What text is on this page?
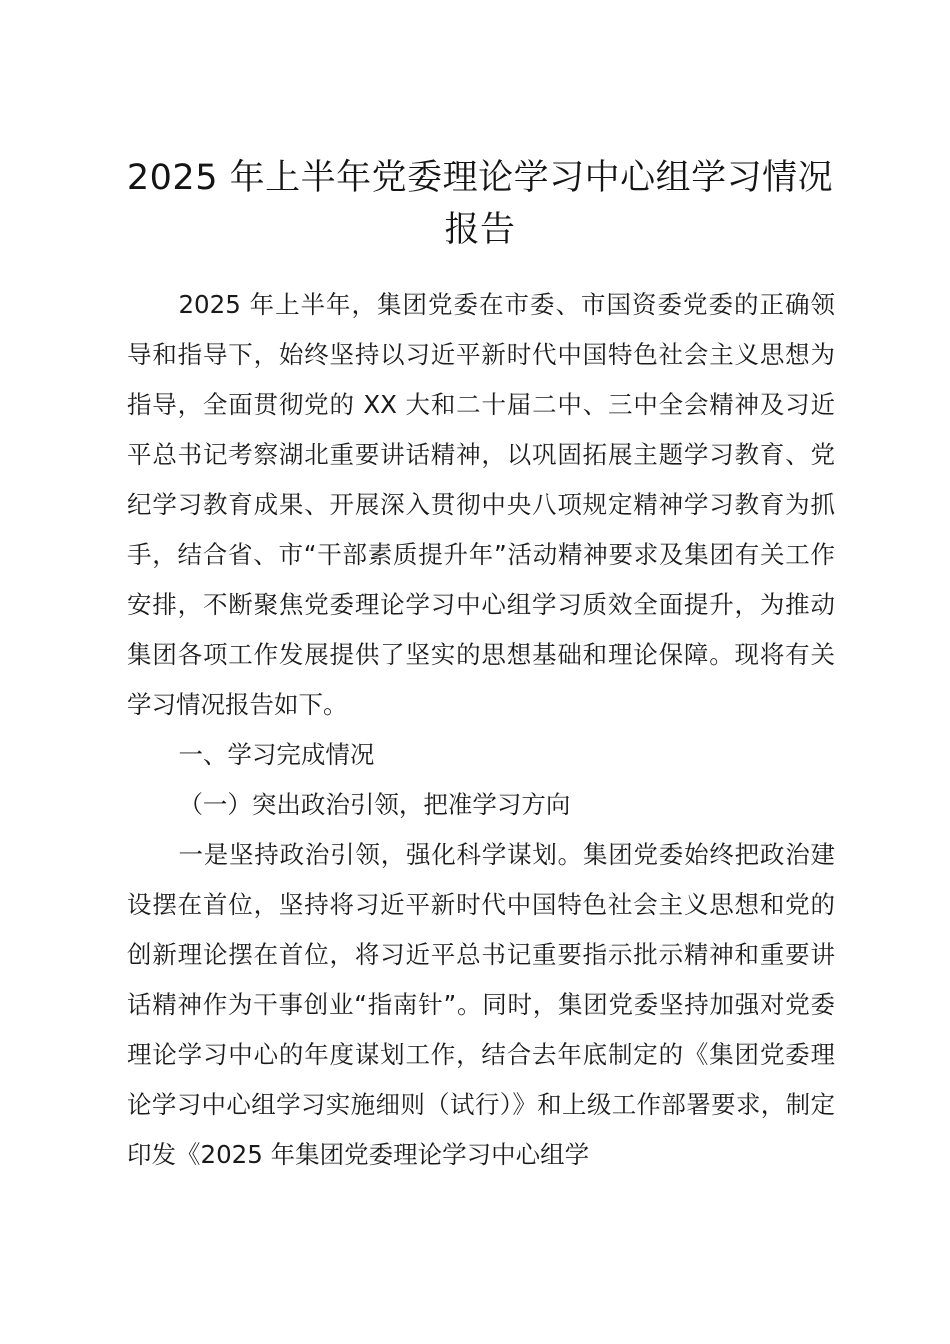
2025 年上半年党委理论学习中心组学习情况报告

2025 年上半年，集团党委在市委、市国资委党委的正确领导和指导下，始终坚持以习近平新时代中国特色社会主义思想为指导，全面贯彻党的 XX 大和二十届二中、三中全会精神及习近平总书记考察湖北重要讲话精神，以巩固拓展主题学习教育、党纪学习教育成果、开展深入贯彻中央八项规定精神学习教育为抓手，结合省、市“干部素质提升年”活动精神要求及集团有关工作安排，不断聚焦党委理论学习中心组学习质效全面提升，为推动集团各项工作发展提供了坚实的思想基础和理论保障。现将有关学习情况报告如下。

一、学习完成情况

（一）突出政治引领，把准学习方向

一是坚持政治引领，强化科学谋划。集团党委始终把政治建设摆在首位，坚持将习近平新时代中国特色社会主义思想和党的创新理论摆在首位，将习近平总书记重要指示批示精神和重要讲话精神作为干事创业“指南针”。同时，集团党委坚持加强对党委理论学习中心的年度谋划工作，结合去年底制定的《集团党委理论学习中心组学习实施细则（试行）》和上级工作部署要求，制定印发《2025 年集团党委理论学习中心组学
